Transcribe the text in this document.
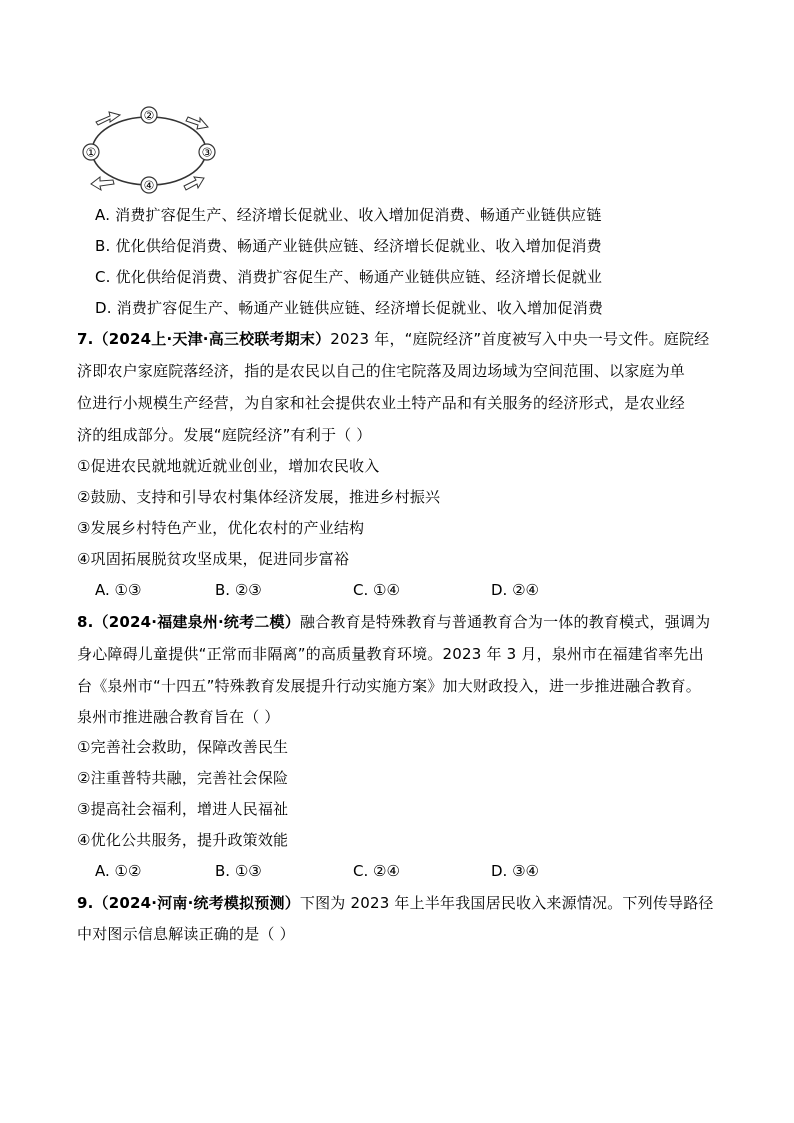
①
②
③
④
A. 消费扩容促生产、经济增长促就业、收入增加促消费、畅通产业链供应链
B. 优化供给促消费、畅通产业链供应链、经济增长促就业、收入增加促消费
C. 优化供给促消费、消费扩容促生产、畅通产业链供应链、经济增长促就业
D. 消费扩容促生产、畅通产业链供应链、经济增长促就业、收入增加促消费
7.（2024上·天津·高三校联考期末）2023 年，“庭院经济”首度被写入中央一号文件。庭院经
济即农户家庭院落经济，指的是农民以自己的住宅院落及周边场域为空间范围、以家庭为单
位进行小规模生产经营，为自家和社会提供农业土特产品和有关服务的经济形式，是农业经
济的组成部分。发展“庭院经济”有利于（ ）
①促进农民就地就近就业创业，增加农民收入
②鼓励、支持和引导农村集体经济发展，推进乡村振兴
③发展乡村特色产业，优化农村的产业结构
④巩固拓展脱贫攻坚成果，促进同步富裕
A. ①③	B. ②③	C. ①④	D. ②④
8.（2024·福建泉州·统考二模）融合教育是特殊教育与普通教育合为一体的教育模式，强调为
身心障碍儿童提供“正常而非隔离”的高质量教育环境。2023 年 3 月，泉州市在福建省率先出
台《泉州市“十四五”特殊教育发展提升行动实施方案》加大财政投入，进一步推进融合教育。
泉州市推进融合教育旨在（ ）
①完善社会救助，保障改善民生
②注重普特共融，完善社会保险
③提高社会福利，增进人民福祉
④优化公共服务，提升政策效能
A. ①②	B. ①③	C. ②④	D. ③④
9.（2024·河南·统考模拟预测）下图为 2023 年上半年我国居民收入来源情况。下列传导路径
中对图示信息解读正确的是（ ）
